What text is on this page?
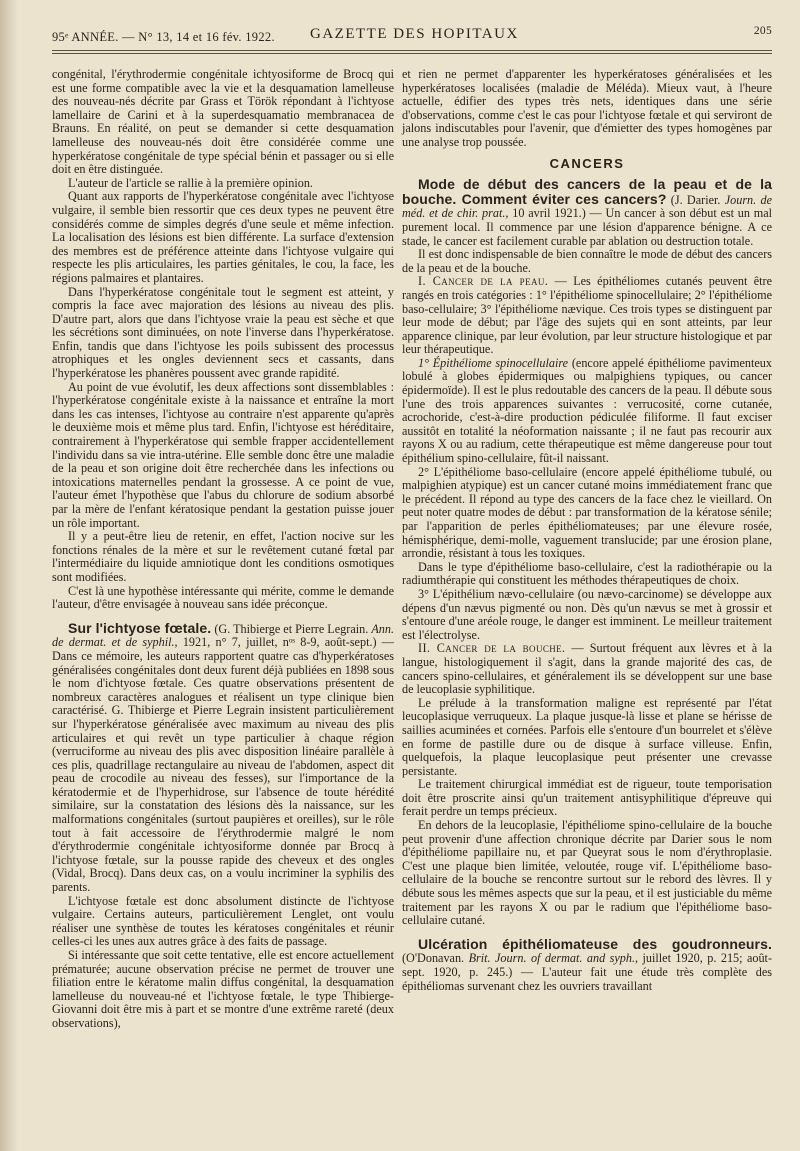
95ᵉ ANNÉE. — N° 13, 14 et 16 fév. 1922. GAZETTE DES HOPITAUX	205

congénital, l'érythrodermie congénitale ichtyosiforme de Brocq qui est une forme compatible avec la vie et la desquamation lamelleuse des nouveau-nés décrite par Grass et Török répondant à l'ichtyose lamellaire de Carini et à la superdesquamatio membranacea de Brauns. En réalité, on peut se demander si cette desquamation lamelleuse des nouveau-nés doit être considérée comme une hyperkératose congénitale de type spécial bénin et passager ou si elle doit en être distinguée.

L'auteur de l'article se rallie à la première opinion.

Quant aux rapports de l'hyperkératose congénitale avec l'ichtyose vulgaire, il semble bien ressortir que ces deux types ne peuvent être considérés comme de simples degrés d'une seule et même infection. La localisation des lésions est bien différente. La surface d'extension des membres est de préférence atteinte dans l'ichtyose vulgaire qui respecte les plis articulaires, les parties génitales, le cou, la face, les régions palmaires et plantaires.

Dans l'hyperkératose congénitale tout le segment est atteint, y compris la face avec majoration des lésions au niveau des plis. D'autre part, alors que dans l'ichtyose vraie la peau est sèche et que les sécrétions sont diminuées, on note l'inverse dans l'hyperkératose. Enfin, tandis que dans l'ichtyose les poils subissent des processus atrophiques et les ongles deviennent secs et cassants, dans l'hyperkératose les phanères poussent avec grande rapidité.

Au point de vue évolutif, les deux affections sont dissemblables : l'hyperkératose congénitale existe à la naissance et entraîne la mort dans les cas intenses, l'ichtyose au contraire n'est apparente qu'après le deuxième mois et même plus tard. Enfin, l'ichtyose est héréditaire, contrairement à l'hyperkératose qui semble frapper accidentellement l'individu dans sa vie intra-utérine. Elle semble donc être une maladie de la peau et son origine doit être recherchée dans les infections ou intoxications maternelles pendant la grossesse. A ce point de vue, l'auteur émet l'hypothèse que l'abus du chlorure de sodium absorbé par la mère de l'enfant kératosique pendant la gestation puisse jouer un rôle important.

Il y a peut-être lieu de retenir, en effet, l'action nocive sur les fonctions rénales de la mère et sur le revêtement cutané fœtal par l'intermédiaire du liquide amniotique dont les conditions osmotiques sont modifiées.

C'est là une hypothèse intéressante qui mérite, comme le demande l'auteur, d'être envisagée à nouveau sans idée préconçue.

Sur l'ichtyose fœtale. (G. Thibierge et Pierre Legrain. Ann. de dermat. et de syphil., 1921, n° 7, juillet, nᵒˢ 8-9, août-sept.) — Dans ce mémoire, les auteurs rapportent quatre cas d'hyperkératoses généralisées congénitales dont deux furent déjà publiées en 1898 sous le nom d'ichtyose fœtale. Ces quatre observations présentent de nombreux caractères analogues et réalisent un type clinique bien caractérisé. G. Thibierge et Pierre Legrain insistent particulièrement sur l'hyperkératose généralisée avec maximum au niveau des plis articulaires et qui revêt un type particulier à chaque région (verruciforme au niveau des plis avec disposition linéaire parallèle à ces plis, quadrillage rectangulaire au niveau de l'abdomen, aspect dit peau de crocodile au niveau des fesses), sur l'importance de la kératodermie et de l'hyperhidrose, sur l'absence de toute hérédité similaire, sur la constatation des lésions dès la naissance, sur les malformations congénitales (surtout paupières et oreilles), sur le rôle tout à fait accessoire de l'érythrodermie malgré le nom d'érythrodermie congénitale ichtyosiforme donnée par Brocq à l'ichtyose fœtale, sur la pousse rapide des cheveux et des ongles (Vidal, Brocq). Dans deux cas, on a voulu incriminer la syphilis des parents.

L'ichtyose fœtale est donc absolument distincte de l'ichtyose vulgaire. Certains auteurs, particulièrement Lenglet, ont voulu réaliser une synthèse de toutes les kératoses congénitales et réunir celles-ci les unes aux autres grâce à des faits de passage.

Si intéressante que soit cette tentative, elle est encore actuellement prématurée; aucune observation précise ne permet de trouver une filiation entre le kératome malin diffus congénital, la desquamation lamelleuse du nouveau-né et l'ichtyose fœtale, le type Thibierge-Giovanni doit être mis à part et se montre d'une extrême rareté (deux observations),

et rien ne permet d'apparenter les hyperkératoses généralisées et les hyperkératoses localisées (maladie de Méléda). Mieux vaut, à l'heure actuelle, édifier des types très nets, identiques dans une série d'observations, comme c'est le cas pour l'ichtyose fœtale et qui serviront de jalons indiscutables pour l'avenir, que d'émietter des types homogènes par une analyse trop poussée.

CANCERS

Mode de début des cancers de la peau et de la bouche. Comment éviter ces cancers? (J. Darier. Journ. de méd. et de chir. prat., 10 avril 1921.) — Un cancer à son début est un mal purement local. Il commence par une lésion d'apparence bénigne. A ce stade, le cancer est facilement curable par ablation ou destruction totale.

Il est donc indispensable de bien connaître le mode de début des cancers de la peau et de la bouche.

I. Cancer de la peau. — Les épithéliomes cutanés peuvent être rangés en trois catégories : 1° l'épithéliome spinocellulaire; 2° l'épithéliome baso-cellulaire; 3° l'épithéliome nævique. Ces trois types se distinguent par leur mode de début; par l'âge des sujets qui en sont atteints, par leur apparence clinique, par leur évolution, par leur structure histologique et par leur thérapeutique.

1° Épithéliome spinocellulaire (encore appelé épithéliome pavimenteux lobulé à globes épidermiques ou malpighiens typiques, ou cancer épidermoïde). Il est le plus redoutable des cancers de la peau. Il débute sous l'une des trois apparences suivantes : verrucosité, corne cutanée, acrochoride, c'est-à-dire production pédiculée filiforme. Il faut exciser aussitôt en totalité la néoformation naissante ; il ne faut pas recourir aux rayons X ou au radium, cette thérapeutique est même dangereuse pour tout épithélium spino-cellulaire, fût-il naissant.

2° L'épithéliome baso-cellulaire (encore appelé épithéliome tubulé, ou malpighien atypique) est un cancer cutané moins immédiatement franc que le précédent. Il répond au type des cancers de la face chez le vieillard. On peut noter quatre modes de début : par transformation de la kératose sénile; par l'apparition de perles épithéliomateuses; par une élevure rosée, hémisphérique, demi-molle, vaguement translucide; par une érosion plane, arrondie, résistant à tous les toxiques.

Dans le type d'épithéliome baso-cellulaire, c'est la radiothérapie ou la radiumthérapie qui constituent les méthodes thérapeutiques de choix.

3° L'épithélium nævo-cellulaire (ou nævo-carcinome) se développe aux dépens d'un nævus pigmenté ou non. Dès qu'un nævus se met à grossir et s'entoure d'une aréole rouge, le danger est imminent. Le meilleur traitement est l'électrolyse.

II. Cancer de la bouche. — Surtout fréquent aux lèvres et à la langue, histologiquement il s'agit, dans la grande majorité des cas, de cancers spino-cellulaires, et généralement ils se développent sur une base de leucoplasie syphilitique.

Le prélude à la transformation maligne est représenté par l'état leucoplasique verruqueux. La plaque jusque-là lisse et plane se hérisse de saillies acuminées et cornées. Parfois elle s'entoure d'un bourrelet et s'élève en forme de pastille dure ou de disque à surface villeuse. Enfin, quelquefois, la plaque leucoplasique peut présenter une crevasse persistante.

Le traitement chirurgical immédiat est de rigueur, toute temporisation doit être proscrite ainsi qu'un traitement antisyphilitique d'épreuve qui ferait perdre un temps précieux.

En dehors de la leucoplasie, l'épithéliome spino-cellulaire de la bouche peut provenir d'une affection chronique décrite par Darier sous le nom d'épithéliome papillaire nu, et par Queyrat sous le nom d'érythroplasie. C'est une plaque bien limitée, veloutée, rouge vif. L'épithéliome baso-cellulaire de la bouche se rencontre surtout sur le rebord des lèvres. Il y débute sous les mêmes aspects que sur la peau, et il est justiciable du même traitement par les rayons X ou par le radium que l'épithéliome baso-cellulaire cutané.

Ulcération épithéliomateuse des goudronneurs. (O'Donavan. Brit. Journ. of dermat. and syph., juillet 1920, p. 215; août-sept. 1920, p. 245.) — L'auteur fait une étude très complète des épithéliomas survenant chez les ouvriers travaillant
